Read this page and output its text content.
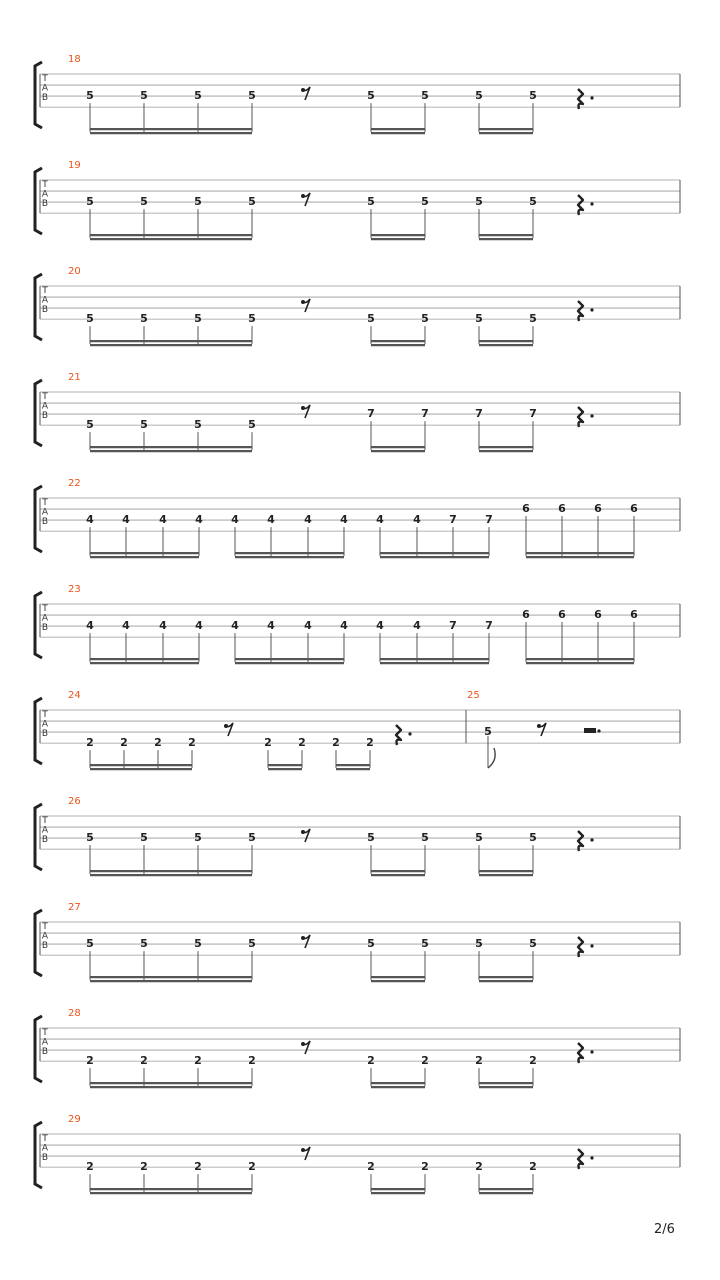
T
A
B
18
5	5	5	5	5	5	5	5
T
A
B
19
5	5	5	5	5	5	5	5
T
A
B
20
5	5	5	5	5	5	5	5
T
A
B
21
5	5	5	5
7	7	7	7
T
A
B
22
4	4	4	4	4	4	4	4	4	4	7	7
6	6	6	6
T
A
B
23
4	4	4	4	4	4	4	4	4	4	7	7
6	6	6	6
T
A
B
24
2 2 2 2	2 2 2 2
25
5
T
A
B
26
5	5	5	5	5	5	5	5
T
A
B
27
5	5	5	5	5	5	5	5
T
A
B
28
2	2	2	2	2	2	2	2
T
A
B
29
2	2	2	2	2	2	2	2
2/6
